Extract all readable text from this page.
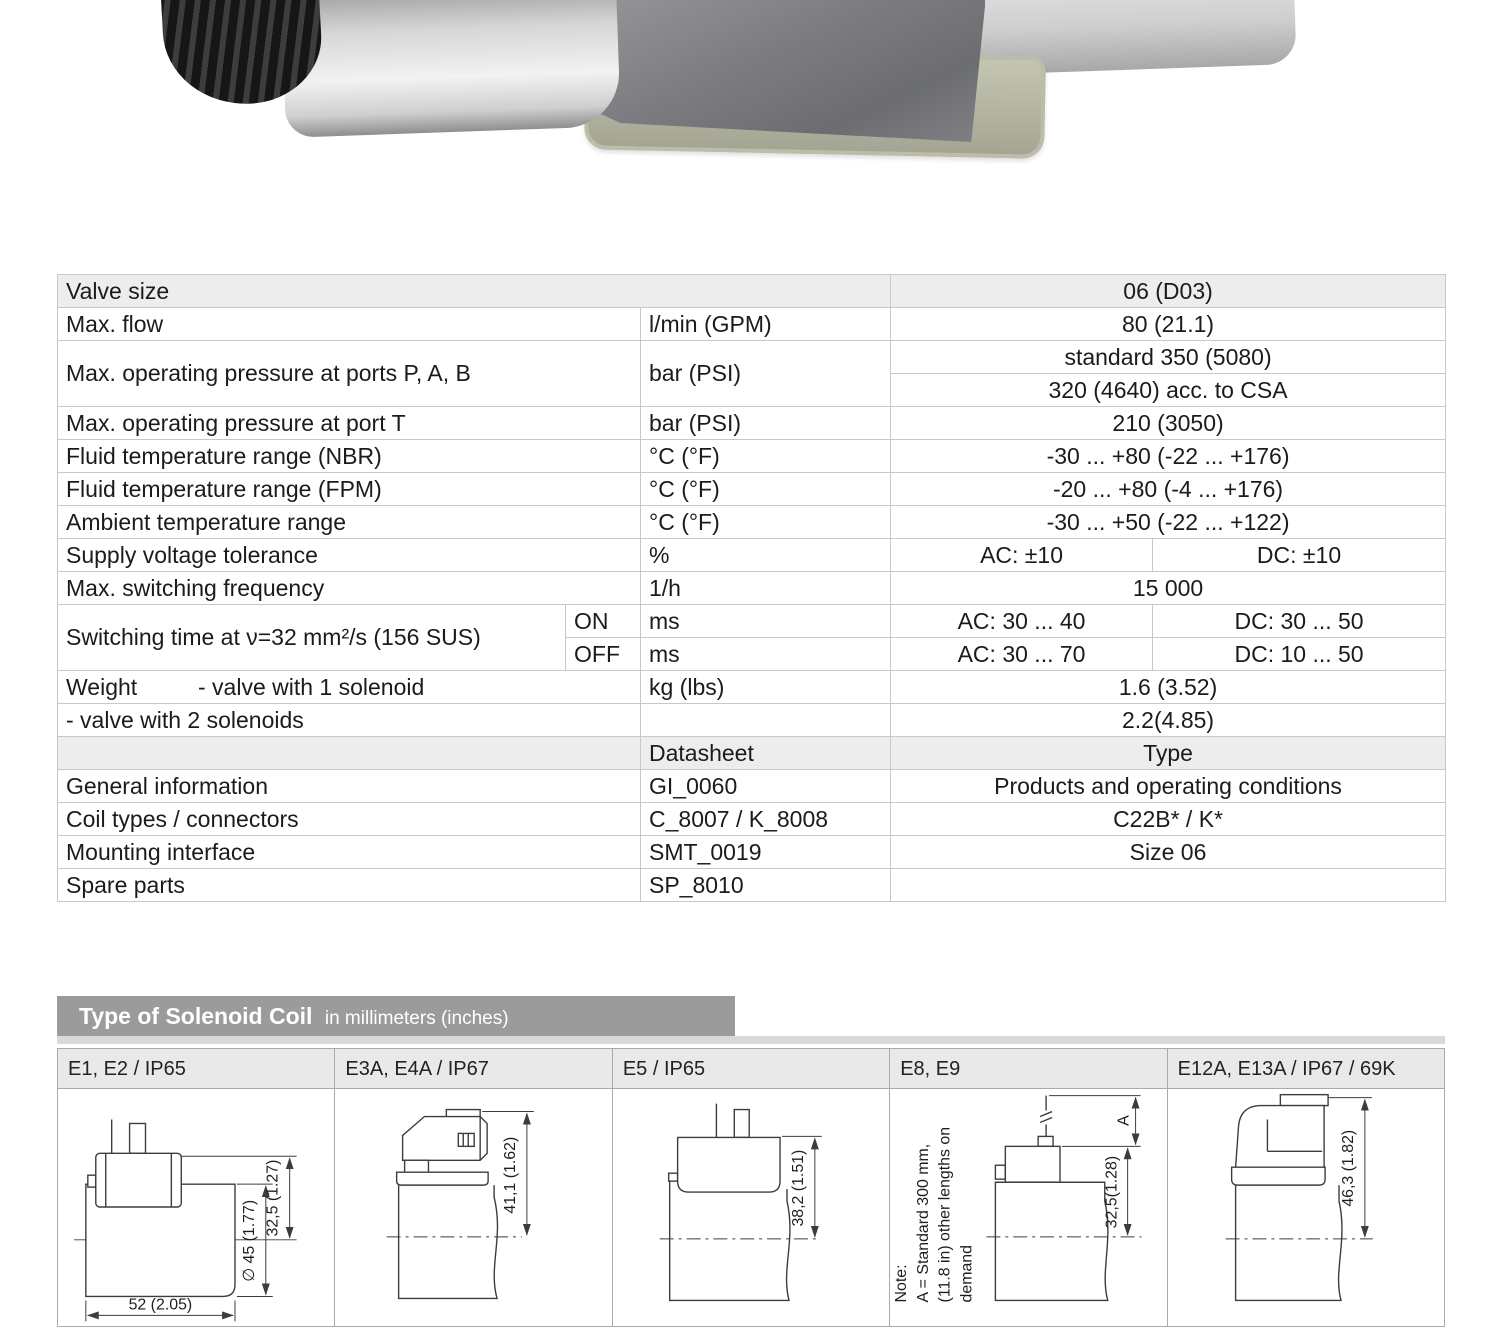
Valve size			06 (D03)	
Max. flow		l/min (GPM)	80 (21.1)	
Max. operating pressure at ports P, A, B		bar (PSI)	standard 350 (5080)	
			320 (4640) acc. to CSA	
Max. operating pressure at port T		bar (PSI)	210 (3050)	
Fluid temperature range (NBR)		°C (°F)	-30 ... +80 (-22 ... +176)	
Fluid temperature range (FPM)		°C (°F)	-20 ... +80 (-4 ... +176)	
Ambient temperature range		°C (°F)	-30 ... +50 (-22 ... +122)	
Supply voltage tolerance		%	AC: ±10	DC: ±10
Max. switching frequency		1/h	15 000	
Switching time at ν=32 mm²/s (156 SUS)	ON	ms	AC: 30 ... 40	DC: 30 ... 50
	OFF	ms	AC: 30 ... 70	DC: 10 ... 50
Weight - valve with 1 solenoid		kg (lbs)	1.6 (3.52)	
- valve with 2 solenoids			2.2(4.85)	
		Datasheet	Type	
General information		GI_0060	Products and operating conditions	
Coil types / connectors		C_8007 / K_8008	C22B* / K*	
Mounting interface		SMT_0019	Size 06	
Spare parts		SP_8010		
Type of Solenoid Coil in millimeters (inches)
E1, E2 / IP65
32,5 (1.27)
∅ 45 (1.77)
52 (2.05)
E3A, E4A / IP67
41,1 (1.62)
E5 / IP65
38,2 (1.51)
E8, E9
Note: A = Standard 300 mm, (11.8 in) other lengths on demand
A
32,5(1.28)
E12A, E13A / IP67 / 69K
46,3 (1.82)
